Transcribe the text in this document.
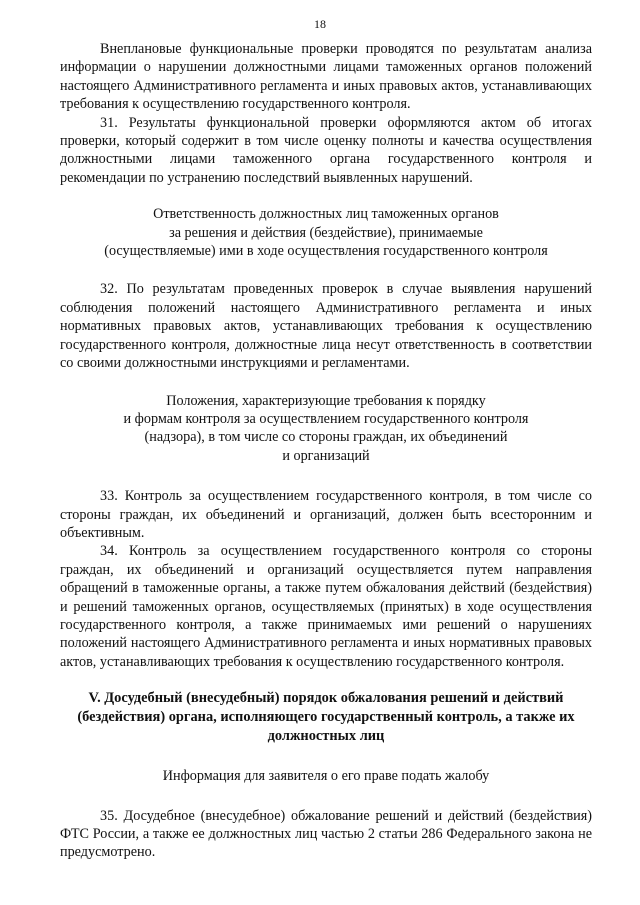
18

Внеплановые функциональные проверки проводятся по результатам анализа информации о нарушении должностными лицами таможенных органов положений настоящего Административного регламента и иных правовых актов, устанавливающих требования к осуществлению государственного контроля.

31. Результаты функциональной проверки оформляются актом об итогах проверки, который содержит в том числе оценку полноты и качества осуществления должностными лицами таможенного органа государственного контроля и рекомендации по устранению последствий выявленных нарушений.

Ответственность должностных лиц таможенных органов
за решения и действия (бездействие), принимаемые
(осуществляемые) ими в ходе осуществления государственного контроля

32. По результатам проведенных проверок в случае выявления нарушений соблюдения положений настоящего Административного регламента и иных нормативных правовых актов, устанавливающих требования к осуществлению государственного контроля, должностные лица несут ответственность в соответствии со своими должностными инструкциями и регламентами.

Положения, характеризующие требования к порядку
и формам контроля за осуществлением государственного контроля
(надзора), в том числе со стороны граждан, их объединений
и организаций

33. Контроль за осуществлением государственного контроля, в том числе со стороны граждан, их объединений и организаций, должен быть всесторонним и объективным.

34. Контроль за осуществлением государственного контроля со стороны граждан, их объединений и организаций осуществляется путем направления обращений в таможенные органы, а также путем обжалования действий (бездействия) и решений таможенных органов, осуществляемых (принятых) в ходе осуществления государственного контроля, а также принимаемых ими решений о нарушениях положений настоящего Административного регламента и иных нормативных правовых актов, устанавливающих требования к осуществлению государственного контроля.

V. Досудебный (внесудебный) порядок обжалования решений и действий
(бездействия) органа, исполняющего государственный контроль, а также их
должностных лиц
Информация для заявителя о его праве подать жалобу

35. Досудебное (внесудебное) обжалование решений и действий (бездействия) ФТС России, а также ее должностных лиц частью 2 статьи 286 Федерального закона не предусмотрено.
